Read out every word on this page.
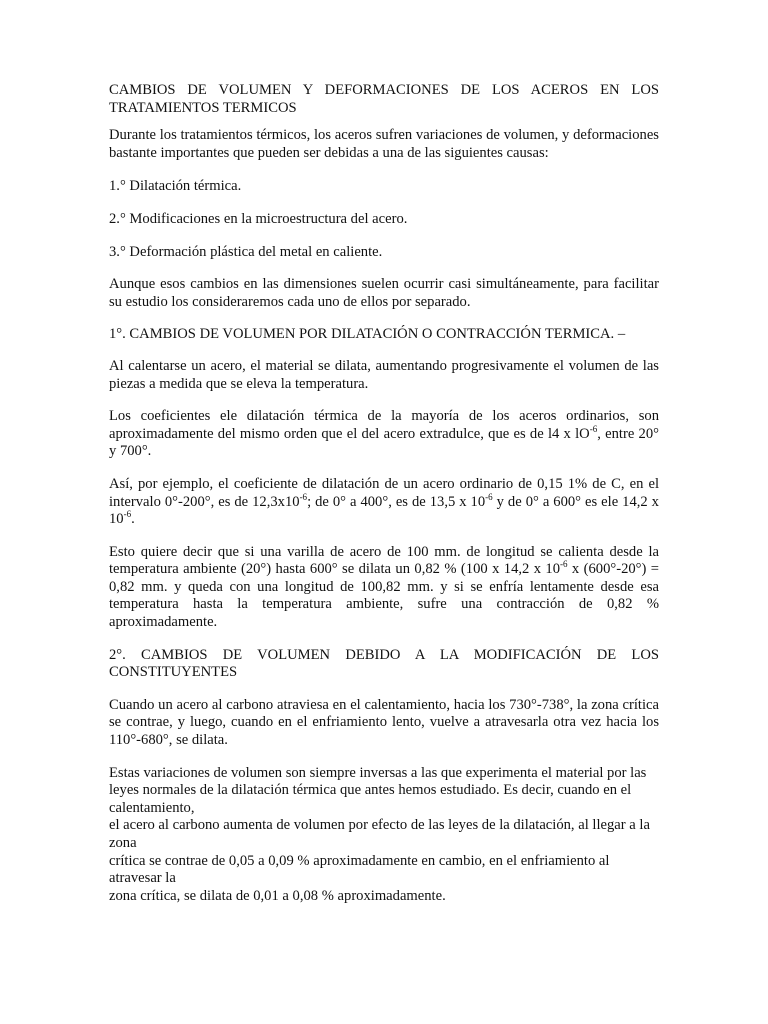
CAMBIOS DE VOLUMEN Y DEFORMACIONES DE LOS ACEROS EN LOS TRATAMIENTOS TERMICOS

Durante los tratamientos térmicos, los aceros sufren variaciones de volumen, y deformaciones bastante importantes que pueden ser debidas a una de las siguientes causas:

1.° Dilatación térmica.

2.° Modificaciones en la microestructura del acero.

3.° Deformación plástica del metal en caliente.

Aunque esos cambios en las dimensiones suelen ocurrir casi simultáneamente, para facilitar su estudio los consideraremos cada uno de ellos por separado.

1°. CAMBIOS DE VOLUMEN POR DILATACIÓN O CONTRACCIÓN TERMICA. –

Al calentarse un acero, el material se dilata, aumentando progresivamente el volumen de las piezas a medida que se eleva la temperatura.

Los coeficientes ele dilatación térmica de la mayoría de los aceros ordinarios, son aproximadamente del mismo orden que el del acero extradulce, que es de l4 x $lO^{-6}$, entre 20° y 700°.

Así, por ejemplo, el coeficiente de dilatación de un acero ordinario de 0,15 1% de C, en el intervalo 0°-200°, es de $12,3x10^{-6}$; de 0° a 400°, es de 13,5 x $10^{-6}$ y de 0° a 600° es ele 14,2 x $10^{-6}$.

Esto quiere decir que si una varilla de acero de 100 mm. de longitud se calienta desde la temperatura ambiente (20°) hasta 600° se dilata un 0,82 % (100 x 14,2 x $10^{-6}$ x (600°-20°) = 0,82 mm. y queda con una longitud de 100,82 mm. y si se enfría lentamente desde esa temperatura hasta la temperatura ambiente, sufre una contracción de 0,82 % aproximadamente.

2°. CAMBIOS DE VOLUMEN DEBIDO A LA MODIFICACIÓN DE LOS CONSTITUYENTES

Cuando un acero al carbono atraviesa en el calentamiento, hacia los 730°-738°, la zona crítica se contrae, y luego, cuando en el enfriamiento lento, vuelve a atravesarla otra vez hacia los 110°-680°, se dilata.

Estas variaciones de volumen son siempre inversas a las que experimenta el material por las leyes normales de la dilatación térmica que antes hemos estudiado. Es decir, cuando en el calentamiento,
el acero al carbono aumenta de volumen por efecto de las leyes de la dilatación, al llegar a la zona
crítica se contrae de 0,05 a 0,09 % aproximadamente en cambio, en el enfriamiento al atravesar la
zona crítica, se dilata de 0,01 a 0,08 % aproximadamente.
